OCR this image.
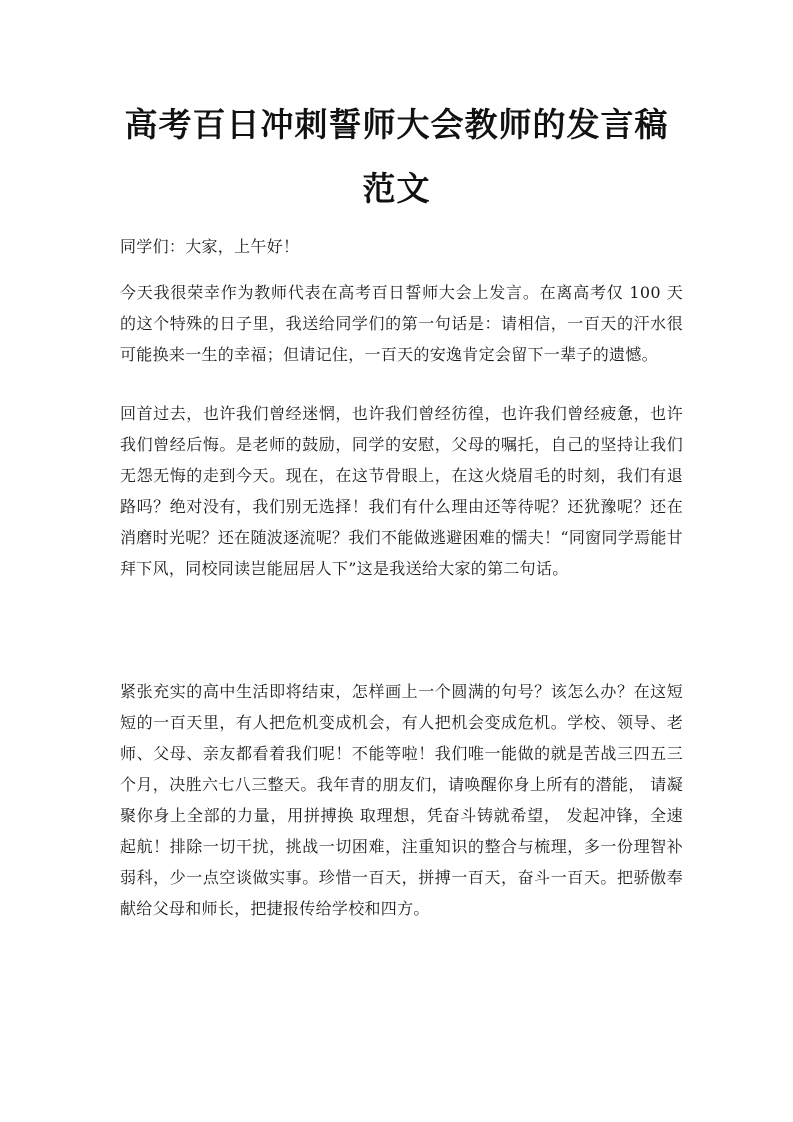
高考百日冲刺誓师大会教师的发言稿范文

同学们：大家，上午好！

今天我很荣幸作为教师代表在高考百日誓师大会上发言。在离高考仅 100 天的这个特殊的日子里，我送给同学们的第一句话是：请相信，一百天的汗水很可能换来一生的幸福；但请记住，一百天的安逸肯定会留下一辈子的遗憾。

回首过去，也许我们曾经迷惘，也许我们曾经彷徨，也许我们曾经疲惫，也许我们曾经后悔。是老师的鼓励，同学的安慰，父母的嘱托，自己的坚持让我们无怨无悔的走到今天。现在，在这节骨眼上，在这火烧眉毛的时刻，我们有退路吗？绝对没有，我们别无选择！我们有什么理由还等待呢？还犹豫呢？还在消磨时光呢？还在随波逐流呢？我们不能做逃避困难的懦夫！“同窗同学焉能甘拜下风，同校同读岂能屈居人下”这是我送给大家的第二句话。

紧张充实的高中生活即将结束，怎样画上一个圆满的句号？该怎么办？在这短短的一百天里，有人把危机变成机会，有人把机会变成危机。学校、领导、老师、父母、亲友都看着我们呢！不能等啦！我们唯一能做的就是苦战三四五三个月，决胜六七八三整天。我年青的朋友们，请唤醒你身上所有的潜能， 请凝聚你身上全部的力量，用拼搏换 取理想，凭奋斗铸就希望， 发起冲锋，全速起航！排除一切干扰，挑战一切困难，注重知识的整合与梳理，多一份理智补弱科，少一点空谈做实事。珍惜一百天，拼搏一百天，奋斗一百天。把骄傲奉献给父母和师长，把捷报传给学校和四方。
